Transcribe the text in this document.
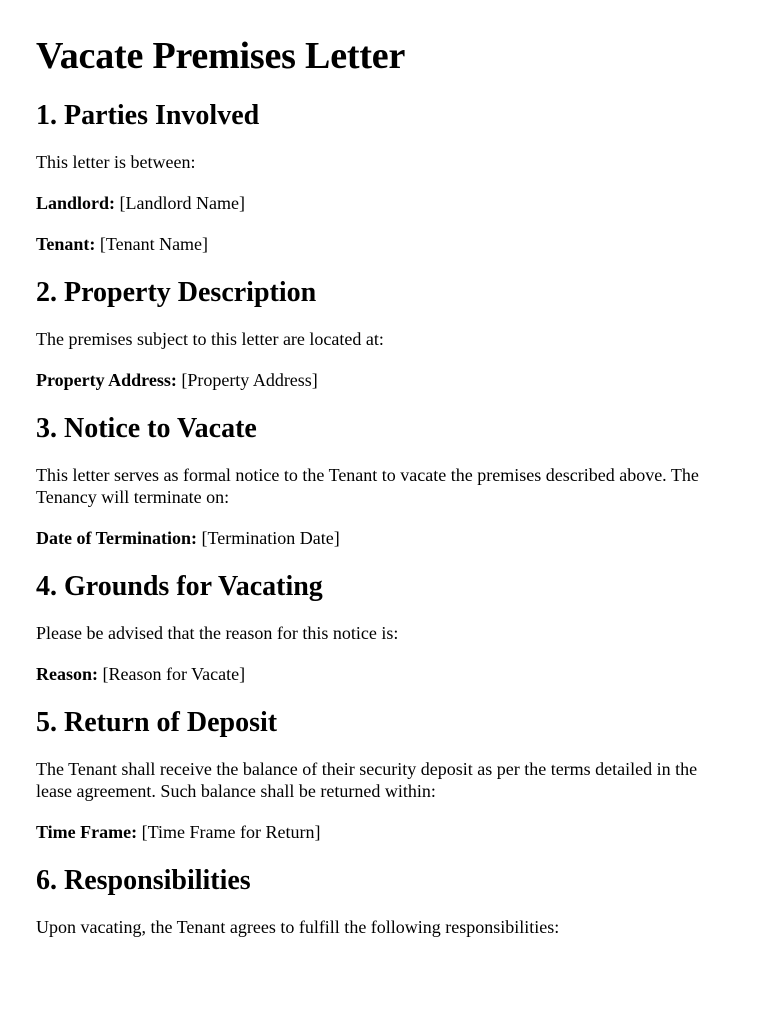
Vacate Premises Letter
1. Parties Involved

This letter is between:

Landlord: [Landlord Name]

Tenant: [Tenant Name]

2. Property Description

The premises subject to this letter are located at:

Property Address: [Property Address]

3. Notice to Vacate

This letter serves as formal notice to the Tenant to vacate the premises described above. The Tenancy will terminate on:

Date of Termination: [Termination Date]

4. Grounds for Vacating

Please be advised that the reason for this notice is:

Reason: [Reason for Vacate]

5. Return of Deposit

The Tenant shall receive the balance of their security deposit as per the terms detailed in the lease agreement. Such balance shall be returned within:

Time Frame: [Time Frame for Return]

6. Responsibilities

Upon vacating, the Tenant agrees to fulfill the following responsibilities:
